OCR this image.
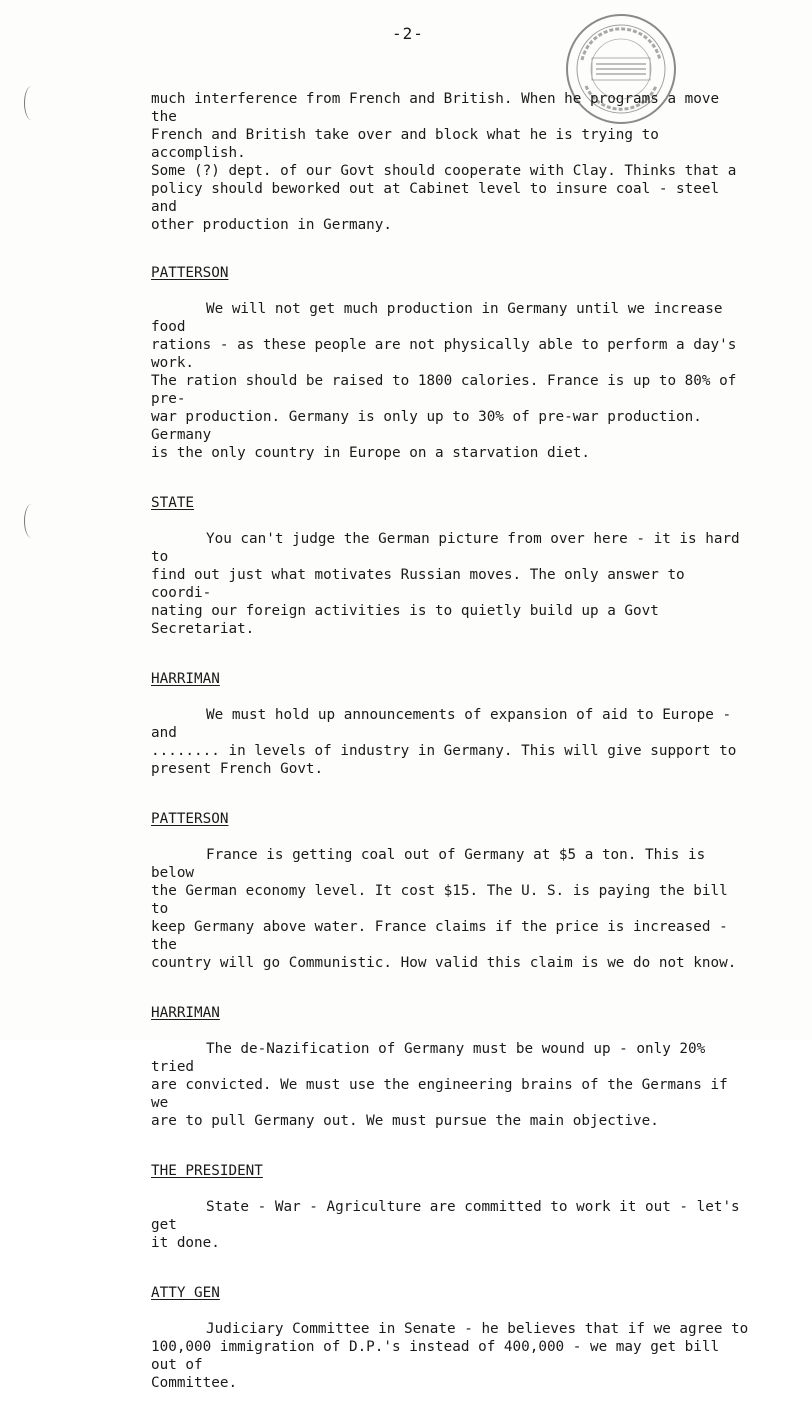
-2-

much interference from French and British. When he programs a move the
French and British take over and block what he is trying to accomplish.
Some (?) dept. of our Govt should cooperate with Clay. Thinks that a
policy should beworked out at Cabinet level to insure coal - steel and
other production in Germany.

PATTERSON

We will not get much production in Germany until we increase food
rations - as these people are not physically able to perform a day's work.
The ration should be raised to 1800 calories. France is up to 80% of pre-
war production. Germany is only up to 30% of pre-war production. Germany
is the only country in Europe on a starvation diet.

STATE

You can't judge the German picture from over here - it is hard to
find out just what motivates Russian moves. The only answer to coordi-
nating our foreign activities is to quietly build up a Govt Secretariat.

HARRIMAN

We must hold up announcements of expansion of aid to Europe - and
........ in levels of industry in Germany. This will give support to
present French Govt.

PATTERSON

France is getting coal out of Germany at $5 a ton. This is below
the German economy level. It cost $15. The U. S. is paying the bill to
keep Germany above water. France claims if the price is increased - the
country will go Communistic. How valid this claim is we do not know.

HARRIMAN

The de-Nazification of Germany must be wound up - only 20% tried
are convicted. We must use the engineering brains of the Germans if we
are to pull Germany out. We must pursue the main objective.

THE PRESIDENT

State - War - Agriculture are committed to work it out - let's get
it done.

ATTY GEN

Judiciary Committee in Senate - he believes that if we agree to
100,000 immigration of D.P.'s instead of 400,000 - we may get bill out of
Committee.
